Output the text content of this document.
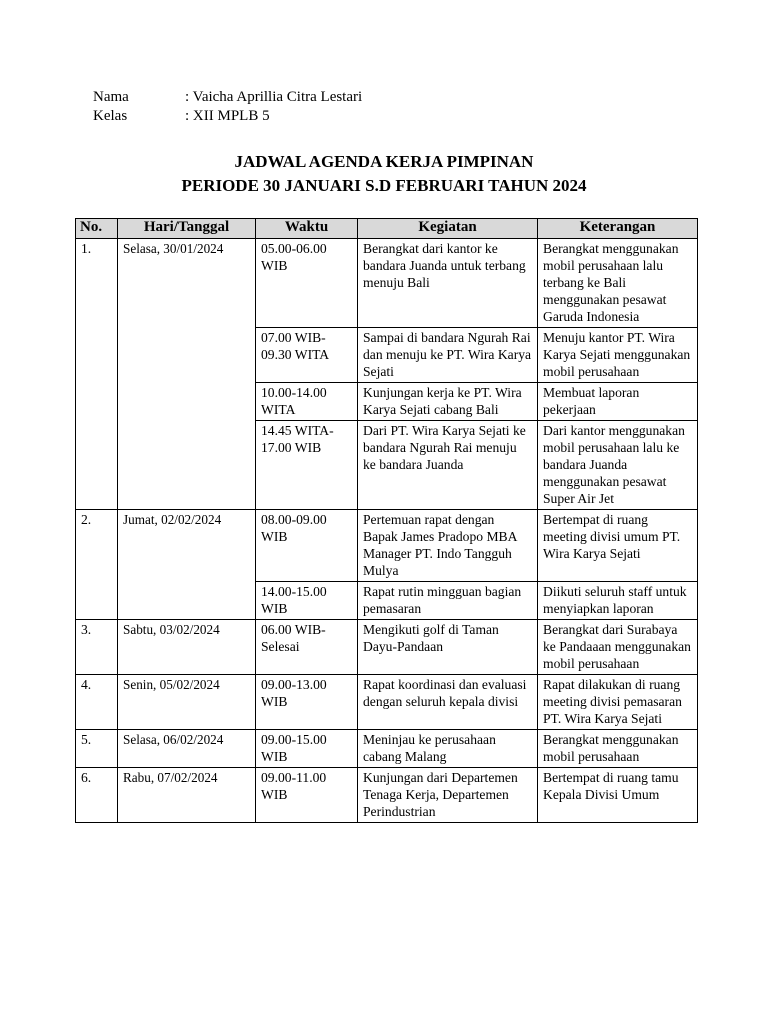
Nama	: Vaicha Aprillia Citra Lestari
Kelas	: XII MPLB 5
JADWAL AGENDA KERJA PIMPINAN
PERIODE 30 JANUARI S.D FEBRUARI TAHUN 2024
No.	Hari/Tanggal	Waktu	Kegiatan	Keterangan
1.	Selasa, 30/01/2024	05.00-06.00 WIB	Berangkat dari kantor ke bandara Juanda untuk terbang menuju Bali	Berangkat menggunakan mobil perusahaan lalu terbang ke Bali menggunakan pesawat Garuda Indonesia
		07.00 WIB-09.30 WITA	Sampai di bandara Ngurah Rai dan menuju ke PT. Wira Karya Sejati	Menuju kantor PT. Wira Karya Sejati menggunakan mobil perusahaan
		10.00-14.00 WITA	Kunjungan kerja ke PT. Wira Karya Sejati cabang Bali	Membuat laporan pekerjaan
		14.45 WITA-17.00 WIB	Dari PT. Wira Karya Sejati ke bandara Ngurah Rai menuju ke bandara Juanda	Dari kantor menggunakan mobil perusahaan lalu ke bandara Juanda menggunakan pesawat Super Air Jet
2.	Jumat, 02/02/2024	08.00-09.00 WIB	Pertemuan rapat dengan Bapak James Pradopo MBA Manager PT. Indo Tangguh Mulya	Bertempat di ruang meeting divisi umum PT.
Wira Karya Sejati
		14.00-15.00 WIB	Rapat rutin mingguan bagian pemasaran	Diikuti seluruh staff untuk menyiapkan laporan
3.	Sabtu, 03/02/2024	06.00 WIB-Selesai	Mengikuti golf di Taman Dayu-Pandaan	Berangkat dari Surabaya ke Pandaaan menggunakan mobil perusahaan
4.	Senin, 05/02/2024	09.00-13.00 WIB	Rapat koordinasi dan evaluasi dengan seluruh kepala divisi	Rapat dilakukan di ruang meeting divisi pemasaran PT. Wira Karya Sejati
5.	Selasa, 06/02/2024	09.00-15.00 WIB	Meninjau ke perusahaan cabang Malang	Berangkat menggunakan mobil perusahaan
6.	Rabu, 07/02/2024	09.00-11.00 WIB	Kunjungan dari Departemen Tenaga Kerja, Departemen Perindustrian	Bertempat di ruang tamu Kepala Divisi Umum
